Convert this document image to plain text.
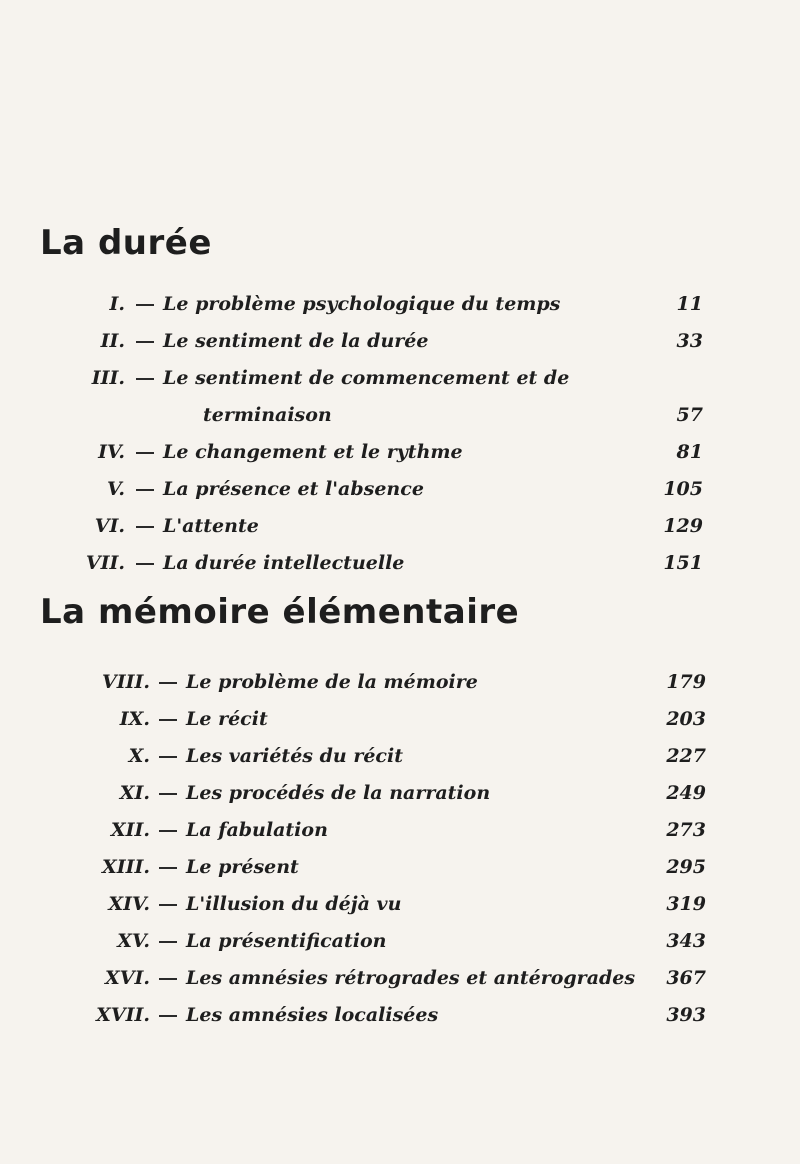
La durée
I. Le problème psychologique du temps	11
II. Le sentiment de la durée	33
III. Le sentiment de commencement et de
terminaison	57
IV. Le changement et le rythme	81
V. La présence et l'absence	105
VI. L'attente	129
VII. La durée intellectuelle	151
La mémoire élémentaire
VIII. Le problème de la mémoire	179
IX. Le récit	203
X. Les variétés du récit	227
XI. Les procédés de la narration	249
XII. La fabulation	273
XIII. Le présent	295
XIV. L'illusion du déjà vu	319
XV. La présentification	343
XVI. Les amnésies rétrogrades et antérogrades	367
XVII. Les amnésies localisées	393
